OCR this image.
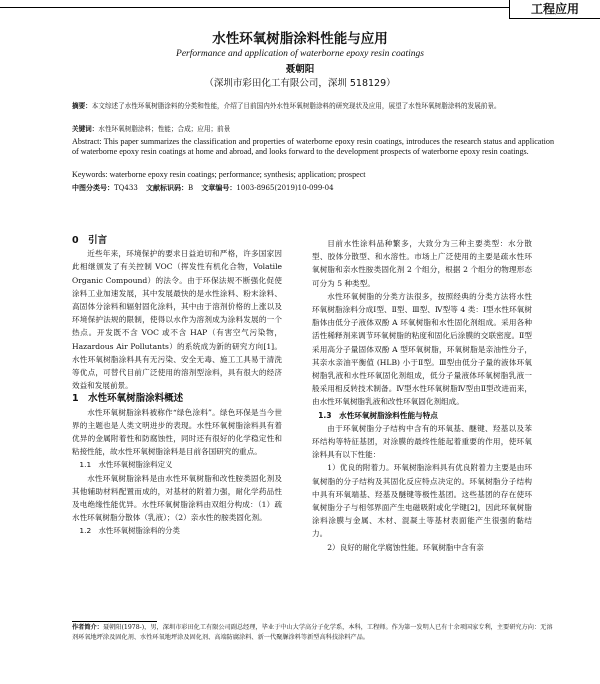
工程应用
水性环氧树脂涂料性能与应用
Performance and application of waterborne epoxy resin coatings
聂朝阳
（深圳市彩田化工有限公司，深圳 518129）
摘要：本文综述了水性环氧树脂涂料的分类和性能，介绍了目前国内外水性环氧树脂涂料的研究现状及应用，展望了水性环氧树脂涂料的发展前景。
关键词：水性环氧树脂涂料；性能；合成；应用；前景
Abstract: This paper summarizes the classification and properties of waterborne epoxy resin coatings, introduces the research status and application of waterborne epoxy resin coatings at home and abroad, and looks forward to the development prospects of waterborne epoxy resin coatings.
Keywords: waterborne epoxy resin coatings; performance; synthesis; application; prospect
中图分类号：TQ433 文献标识码：B 文章编号：1003-8965(2019)10-099-04

0　引言

近些年来，环境保护的要求日益迫切和严格，许多国家因此相继颁发了有关控制 VOC（挥发性有机化合物，Volatile Organic Compound）的法令。由于环保法规不断强化促使涂料工业加速发展，其中发展最快的是水性涂料、粉末涂料、高固体分涂料和辐射固化涂料，其中由于溶剂价格的上涨以及环境保护法规的限制，使得以水作为溶剂成为涂料发展的一个热点。开发既不含 VOC 或不含 HAP（有害空气污染物，Hazardous Air Pollutants）的系统成为新的研究方向[1]。水性环氧树脂涂料具有无污染、安全无毒、施工工具易于清洗等优点，可替代目前广泛使用的溶剂型涂料，具有很大的经济效益和发展前景。

1　水性环氧树脂涂料概述

水性环氧树脂涂料被称作“绿色涂料”。绿色环保是当今世界的主题也是人类文明进步的表现。水性环氧树脂涂料具有着优异的金属附着性和防腐蚀性，同时还有很好的化学稳定性和粘接性能，故水性环氧树脂涂料是目前各国研究的重点。

1.1　水性环氧树脂涂料定义

水性环氧树脂涂料是由水性环氧树脂和改性胺类固化剂及其他辅助材料配置而成的，对基材的附着力强，耐化学药品性及电绝缘性能优异。水性环氧树脂涂料由双组分构成：（1）疏水性环氧树脂分散体（乳液）；（2）亲水性的胺类固化剂。

1.2　水性环氧树脂涂料的分类

目前水性涂料品种繁多，大致分为三种主要类型：水分散型、胶体分散型、和水溶性。市场上广泛使用的主要是疏水性环氧树脂和亲水性胺类固化剂 2 个组分，根据 2 个组分的物理形态可分为 5 种类型。

水性环氧树脂的分类方法很多，按照经典的分类方法将水性环氧树脂涂料分成Ⅰ型、Ⅱ型、Ⅲ型、Ⅳ型等 4 类：Ⅰ型水性环氧树脂体由低分子液体双酚 A 环氧树脂和水性固化剂组成。采用各种活性稀释剂来调节环氧树脂的粘度和固化后涂膜的交联密度。Ⅱ型采用高分子量固体双酚 A 型环氧树脂，环氧树脂是亲油性分子，其亲水亲油平衡值 (HLB) 小于Ⅱ型。Ⅲ型由低分子量的液体环氧树脂乳液和水性环氧固化剂组成，低分子量液体环氧树脂乳液一般采用相反转技术制备。Ⅳ型水性环氧树脂Ⅳ型由Ⅱ型改进而来，由水性环氧树脂乳液和改性环氧固化剂组成。

1.3　水性环氧树脂涂料性能与特点

由于环氧树脂分子结构中含有的环氧基、醚键、羟基以及苯环结构等特征基团，对涂膜的最终性能起着重要的作用，使环氧涂料具有以下性能：

1）优良的附着力。环氧树脂涂料具有优良附着力主要是由环氧树脂的分子结构及其固化反应特点决定的。环氧树脂分子结构中具有环氧端基、羟基及醚键等极性基团。这些基团的存在使环氧树脂分子与相邻界面产生电磁吸附或化学键[2]，因此环氧树脂涂料涂膜与金属、木材、混凝土等基材表面能产生很强的黏结力。

2）良好的耐化学腐蚀性能。环氧树脂中含有亲

作者简介：聂朝阳(1978-)，男，深圳市彩田化工有限公司副总经理，毕业于中山大学高分子化学系，本科，工程师。作为第一发明人已有十余项国家专利，主要研究方向：无溶剂环氧地坪涂及固化剂、水性环氧地坪涂及固化剂、高端防腐涂料、新一代聚脲涂料等新型高科技涂料产品。
